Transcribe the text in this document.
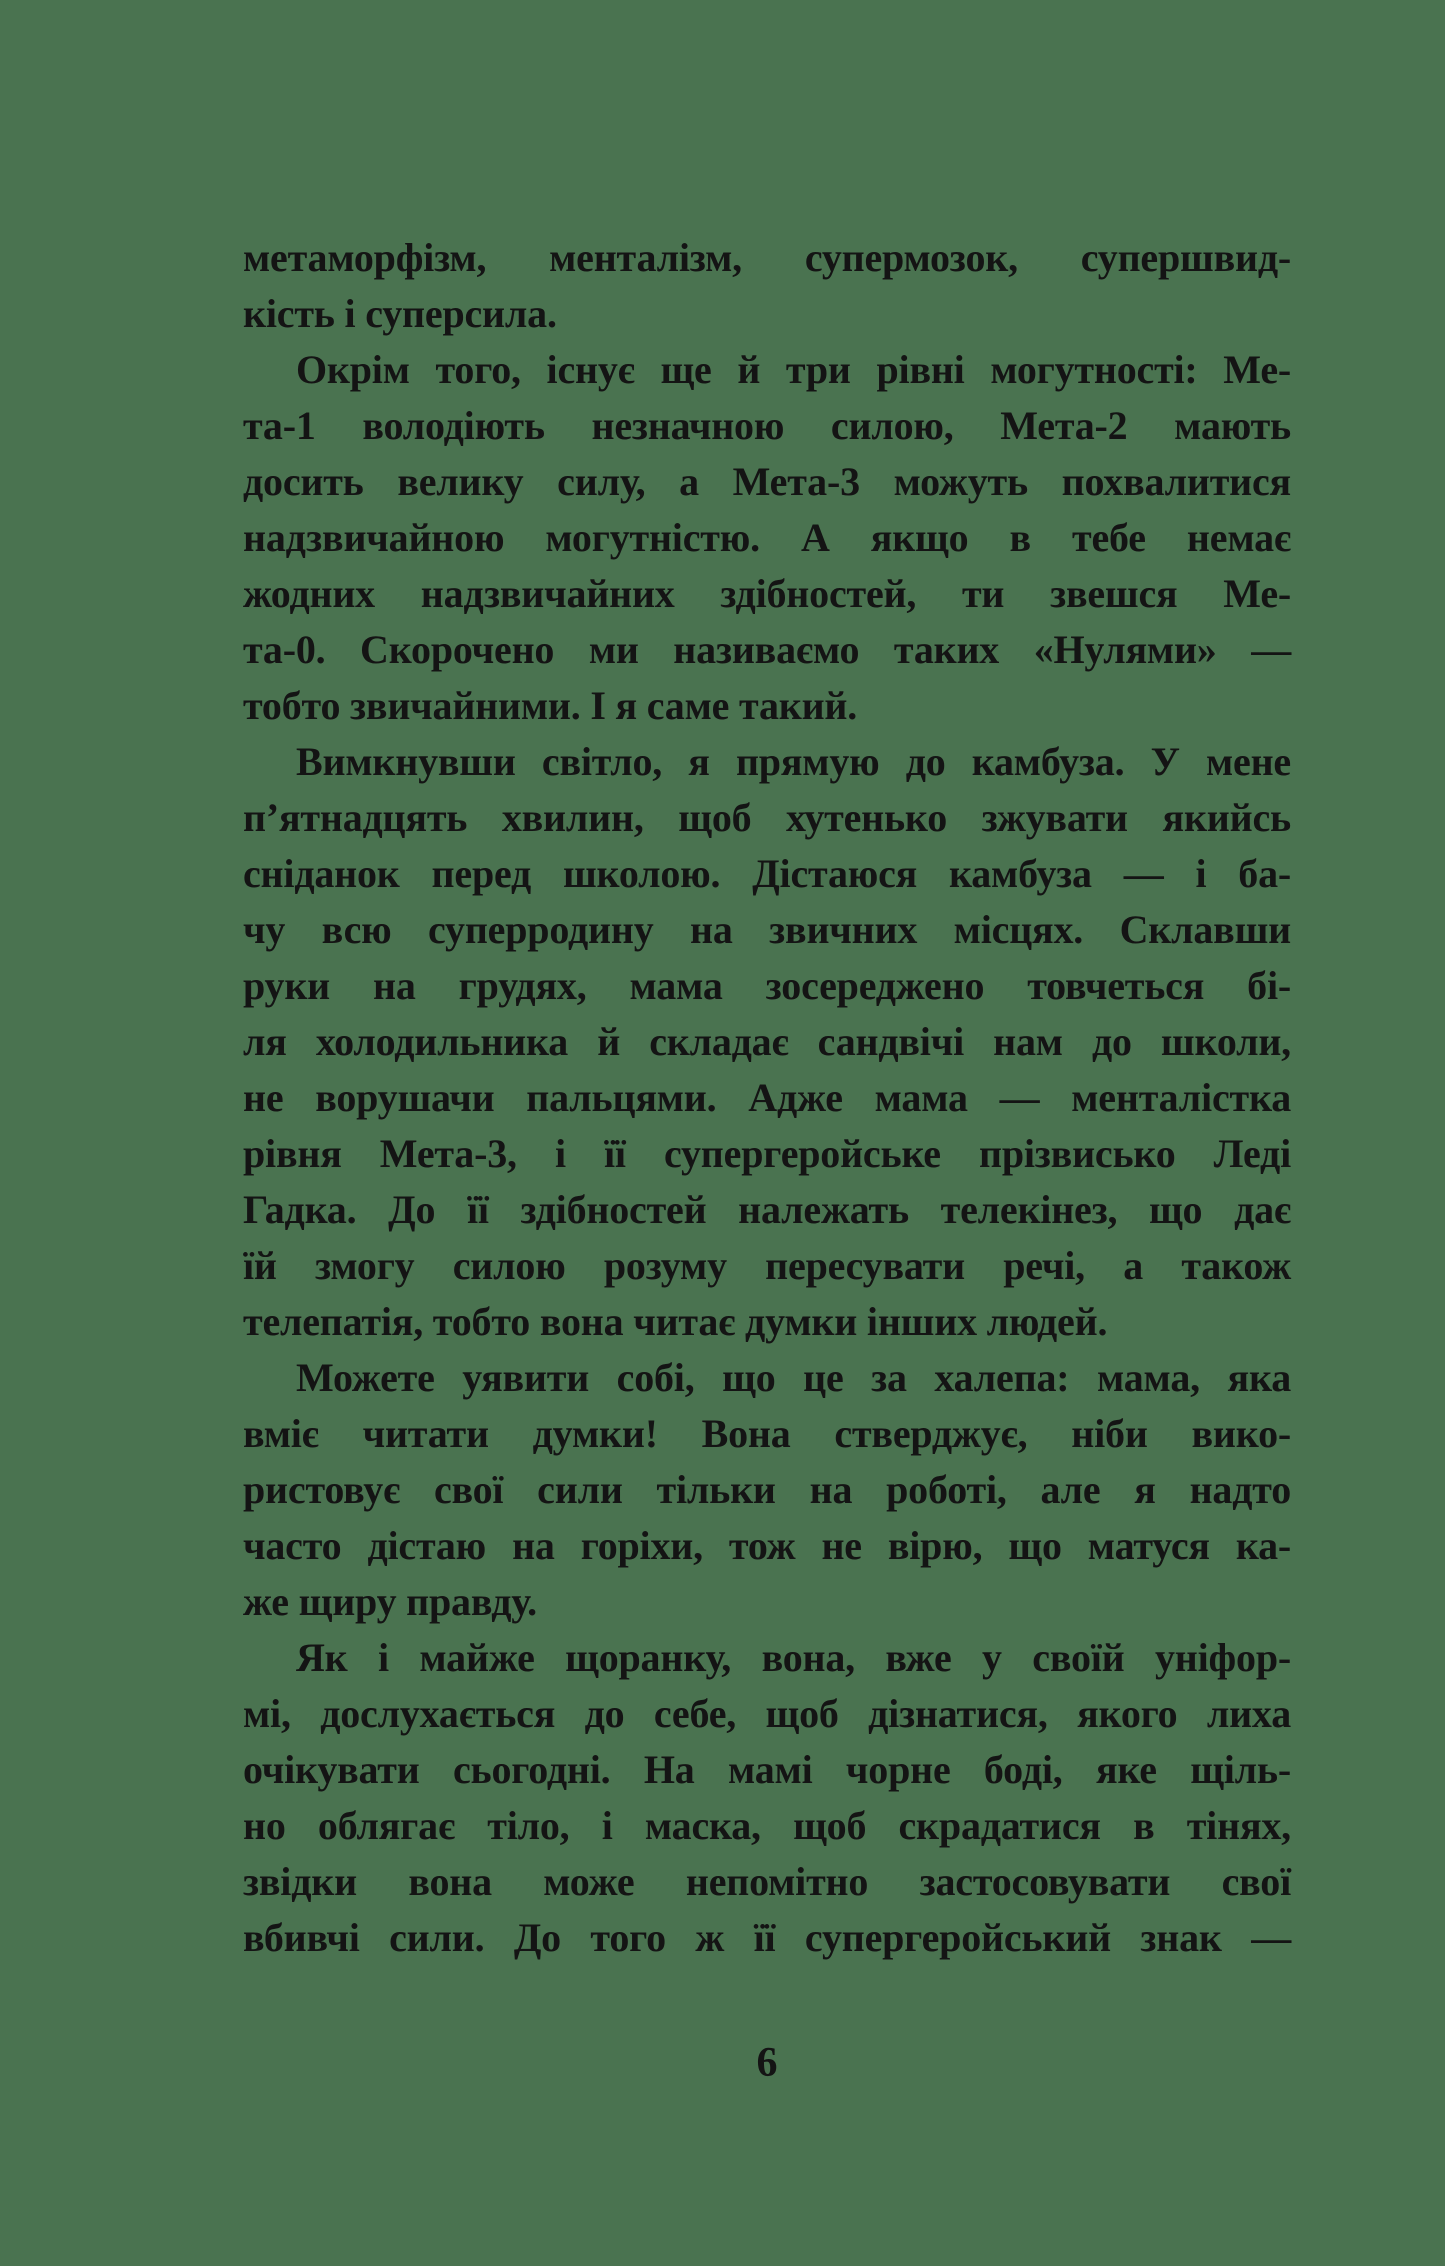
метаморфізм, менталізм, супермозок, супершвид-
кість і суперсила.
Окрім того, існує ще й три рівні могутності: Ме-
та-1 володіють незначною силою, Мета-2 мають
досить велику силу, а Мета-3 можуть похвалитися
надзвичайною могутністю. А якщо в тебе немає
жодних надзвичайних здібностей, ти звешся Ме-
та-0. Скорочено ми називаємо таких «Нулями» —
тобто звичайними. І я саме такий.
Вимкнувши світло, я прямую до камбуза. У мене
п’ятнадцять хвилин, щоб хутенько зжувати якийсь
сніданок перед школою. Дістаюся камбуза — і ба-
чу всю суперродину на звичних місцях. Склавши
руки на грудях, мама зосереджено товчеться бі-
ля холодильника й складає сандвічі нам до школи,
не ворушачи пальцями. Адже мама — менталістка
рівня Мета-3, і її супергеройське прізвисько Леді
Гадка. До її здібностей належать телекінез, що дає
їй змогу силою розуму пересувати речі, а також
телепатія, тобто вона читає думки інших людей.
Можете уявити собі, що це за халепа: мама, яка
вміє читати думки! Вона стверджує, ніби вико-
ристовує свої сили тільки на роботі, але я надто
часто дістаю на горіхи, тож не вірю, що матуся ка-
же щиру правду.
Як і майже щоранку, вона, вже у своїй уніфор-
мі, дослухається до себе, щоб дізнатися, якого лиха
очікувати сьогодні. На мамі чорне боді, яке щіль-
но облягає тіло, і маска, щоб скрадатися в тінях,
звідки вона може непомітно застосовувати свої
вбивчі сили. До того ж її супергеройський знак —
6
